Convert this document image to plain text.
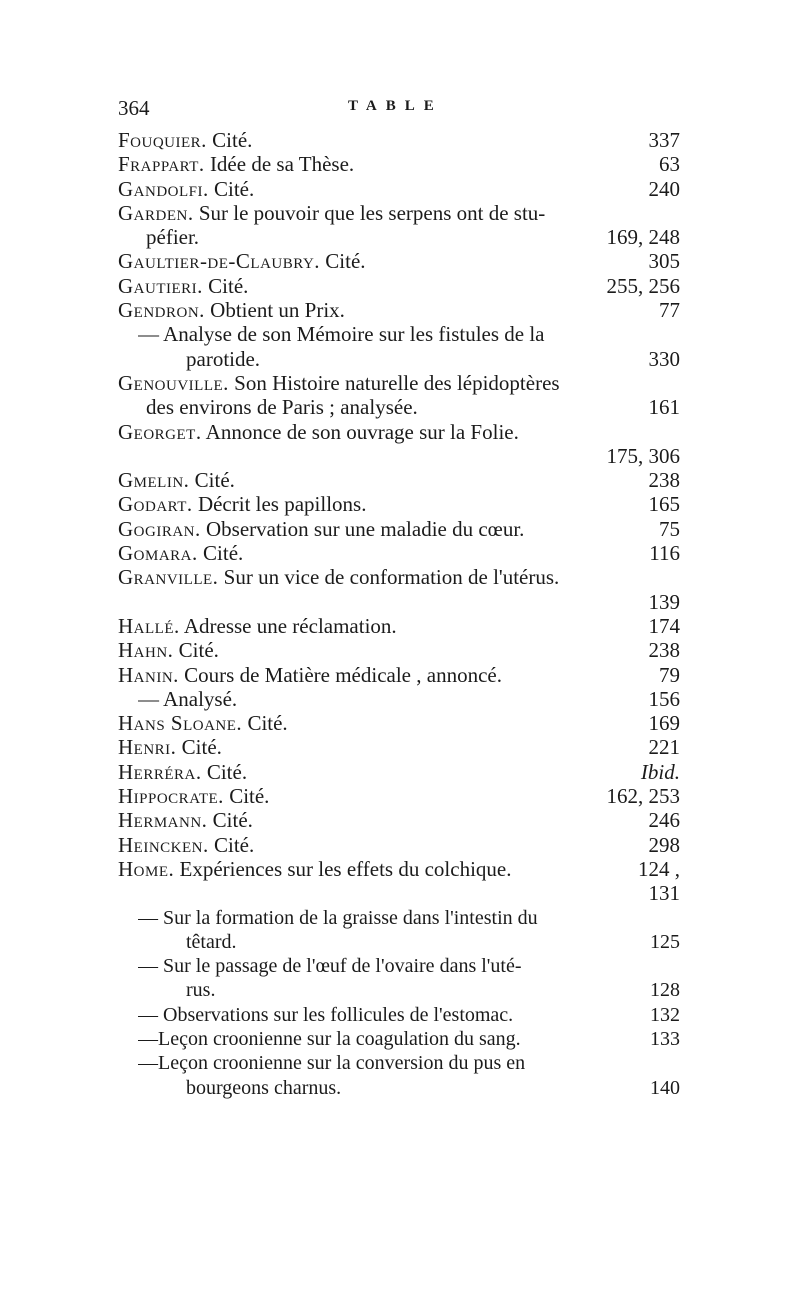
364	TABLE
Fouquier. Cité.	337
Frappart. Idée de sa Thèse.	63
Gandolfi. Cité.	240
Garden. Sur le pouvoir que les serpens ont de stu-
péfier.	169, 248
Gaultier-de-Claubry. Cité.	305
Gautieri. Cité.	255, 256
Gendron. Obtient un Prix.	77
— Analyse de son Mémoire sur les fistules de la
parotide.	330
Genouville. Son Histoire naturelle des lépidoptères
des environs de Paris ; analysée.	161
Georget. Annonce de son ouvrage sur la Folie.
175, 306
Gmelin. Cité.	238
Godart. Décrit les papillons.	165
Gogiran. Observation sur une maladie du cœur.	75
Gomara. Cité.	116
Granville. Sur un vice de conformation de l'utérus.
139
Hallé. Adresse une réclamation.	174
Hahn. Cité.	238
Hanin. Cours de Matière médicale , annoncé.	79
— Analysé.	156
Hans Sloane. Cité.	169
Henri. Cité.	221
Herréra. Cité.	Ibid.
Hippocrate. Cité.	162, 253
Hermann. Cité.	246
Heincken. Cité.	298
Home. Expériences sur les effets du colchique.	124 ,
131
— Sur la formation de la graisse dans l'intestin du
têtard.	125
— Sur le passage de l'œuf de l'ovaire dans l'uté-
rus.	128
— Observations sur les follicules de l'estomac.	132
—Leçon croonienne sur la coagulation du sang.	133
—Leçon croonienne sur la conversion du pus en
bourgeons charnus.	140
